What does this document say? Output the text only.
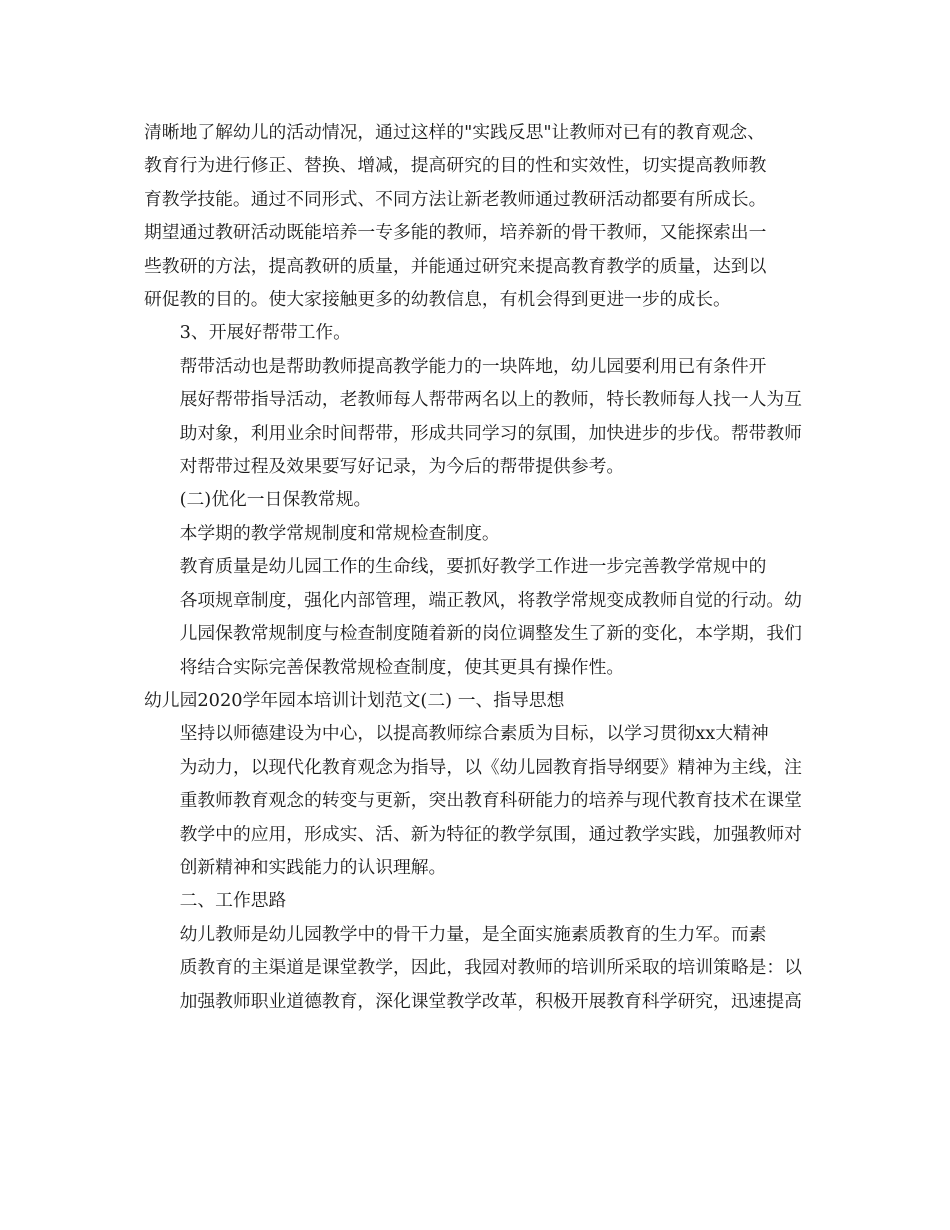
清晰地了解幼儿的活动情况，通过这样的"实践反思"让教师对已有的教育观念、
教育行为进行修正、替换、增减，提高研究的目的性和实效性，切实提高教师教
育教学技能。通过不同形式、不同方法让新老教师通过教研活动都要有所成长。
期望通过教研活动既能培养一专多能的教师，培养新的骨干教师，又能探索出一
些教研的方法，提高教研的质量，并能通过研究来提高教育教学的质量，达到以
研促教的目的。使大家接触更多的幼教信息，有机会得到更进一步的成长。
3、开展好帮带工作。
帮带活动也是帮助教师提高教学能力的一块阵地，幼儿园要利用已有条件开
展好帮带指导活动，老教师每人帮带两名以上的教师，特长教师每人找一人为互
助对象，利用业余时间帮带，形成共同学习的氛围，加快进步的步伐。帮带教师
对帮带过程及效果要写好记录，为今后的帮带提供参考。
(二)优化一日保教常规。
本学期的教学常规制度和常规检查制度。
教育质量是幼儿园工作的生命线，要抓好教学工作进一步完善教学常规中的
各项规章制度，强化内部管理，端正教风，将教学常规变成教师自觉的行动。幼
儿园保教常规制度与检查制度随着新的岗位调整发生了新的变化，本学期，我们
将结合实际完善保教常规检查制度，使其更具有操作性。
幼儿园2020学年园本培训计划范文(二) 一、指导思想
坚持以师德建设为中心，以提高教师综合素质为目标，以学习贯彻xx大精神
为动力，以现代化教育观念为指导，以《幼儿园教育指导纲要》精神为主线，注
重教师教育观念的转变与更新，突出教育科研能力的培养与现代教育技术在课堂
教学中的应用，形成实、活、新为特征的教学氛围，通过教学实践，加强教师对
创新精神和实践能力的认识理解。
二、工作思路
幼儿教师是幼儿园教学中的骨干力量，是全面实施素质教育的生力军。而素
质教育的主渠道是课堂教学，因此，我园对教师的培训所采取的培训策略是：以
加强教师职业道德教育，深化课堂教学改革，积极开展教育科学研究，迅速提高
